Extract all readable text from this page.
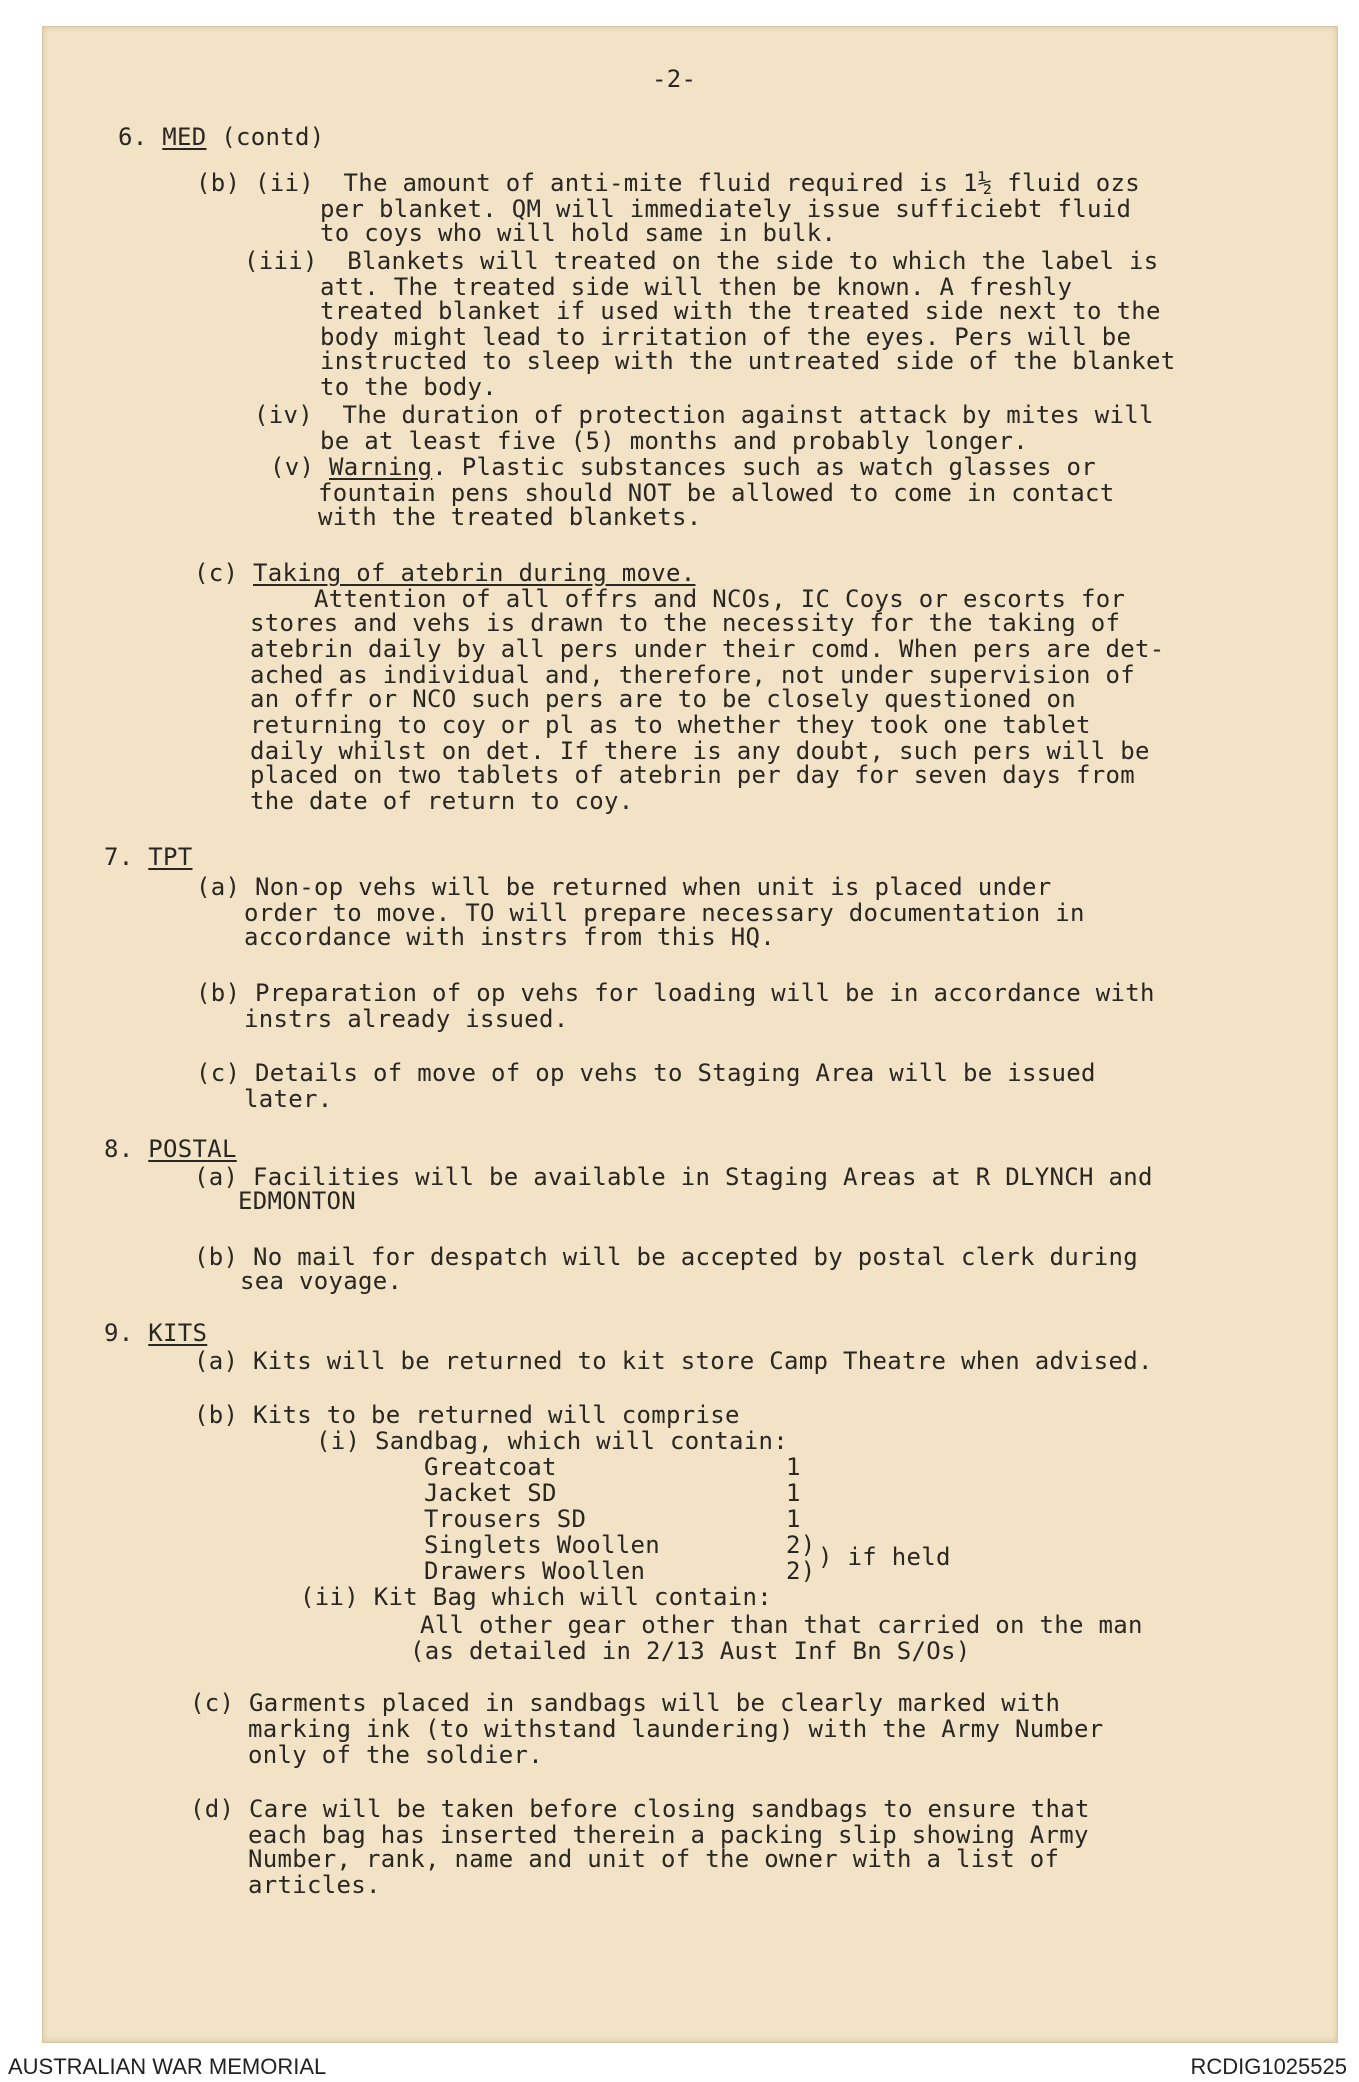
-2-
6. MED (contd)
(b) (ii)  The amount of anti-mite fluid required is 1½ fluid ozs
per blanket. QM will immediately issue sufficiebt fluid
to coys who will hold same in bulk.
(iii)  Blankets will treated on the side to which the label is
att. The treated side will then be known. A freshly
treated blanket if used with the treated side next to the
body might lead to irritation of the eyes. Pers will be
instructed to sleep with the untreated side of the blanket
to the body.
(iv)  The duration of protection against attack by mites will
be at least five (5) months and probably longer.
(v) Warning. Plastic substances such as watch glasses or
fountain pens should NOT be allowed to come in contact
with the treated blankets.
(c) Taking of atebrin during move.
Attention of all offrs and NCOs, IC Coys or escorts for
stores and vehs is drawn to the necessity for the taking of
atebrin daily by all pers under their comd. When pers are det-
ached as individual and, therefore, not under supervision of
an offr or NCO such pers are to be closely questioned on
returning to coy or pl as to whether they took one tablet
daily whilst on det. If there is any doubt, such pers will be
placed on two tablets of atebrin per day for seven days from
the date of return to coy.
7. TPT
(a) Non-op vehs will be returned when unit is placed under
order to move. TO will prepare necessary documentation in
accordance with instrs from this HQ.
(b) Preparation of op vehs for loading will be in accordance with
instrs already issued.
(c) Details of move of op vehs to Staging Area will be issued
later.
8. POSTAL
(a) Facilities will be available in Staging Areas at R DLYNCH and
EDMONTON
(b) No mail for despatch will be accepted by postal clerk during
sea voyage.
9. KITS
(a) Kits will be returned to kit store Camp Theatre when advised.
(b) Kits to be returned will comprise
(i) Sandbag, which will contain:
Greatcoat	1
Jacket SD	1
Trousers SD	1
Singlets Woollen	2)
Drawers Woollen	2) ) if held
(ii) Kit Bag which will contain:
All other gear other than that carried on the man
(as detailed in 2/13 Aust Inf Bn S/Os)
(c) Garments placed in sandbags will be clearly marked with
marking ink (to withstand laundering) with the Army Number
only of the soldier.
(d) Care will be taken before closing sandbags to ensure that
each bag has inserted therein a packing slip showing Army
Number, rank, name and unit of the owner with a list of
articles.
AUSTRALIAN WAR MEMORIAL	RCDIG1025525
